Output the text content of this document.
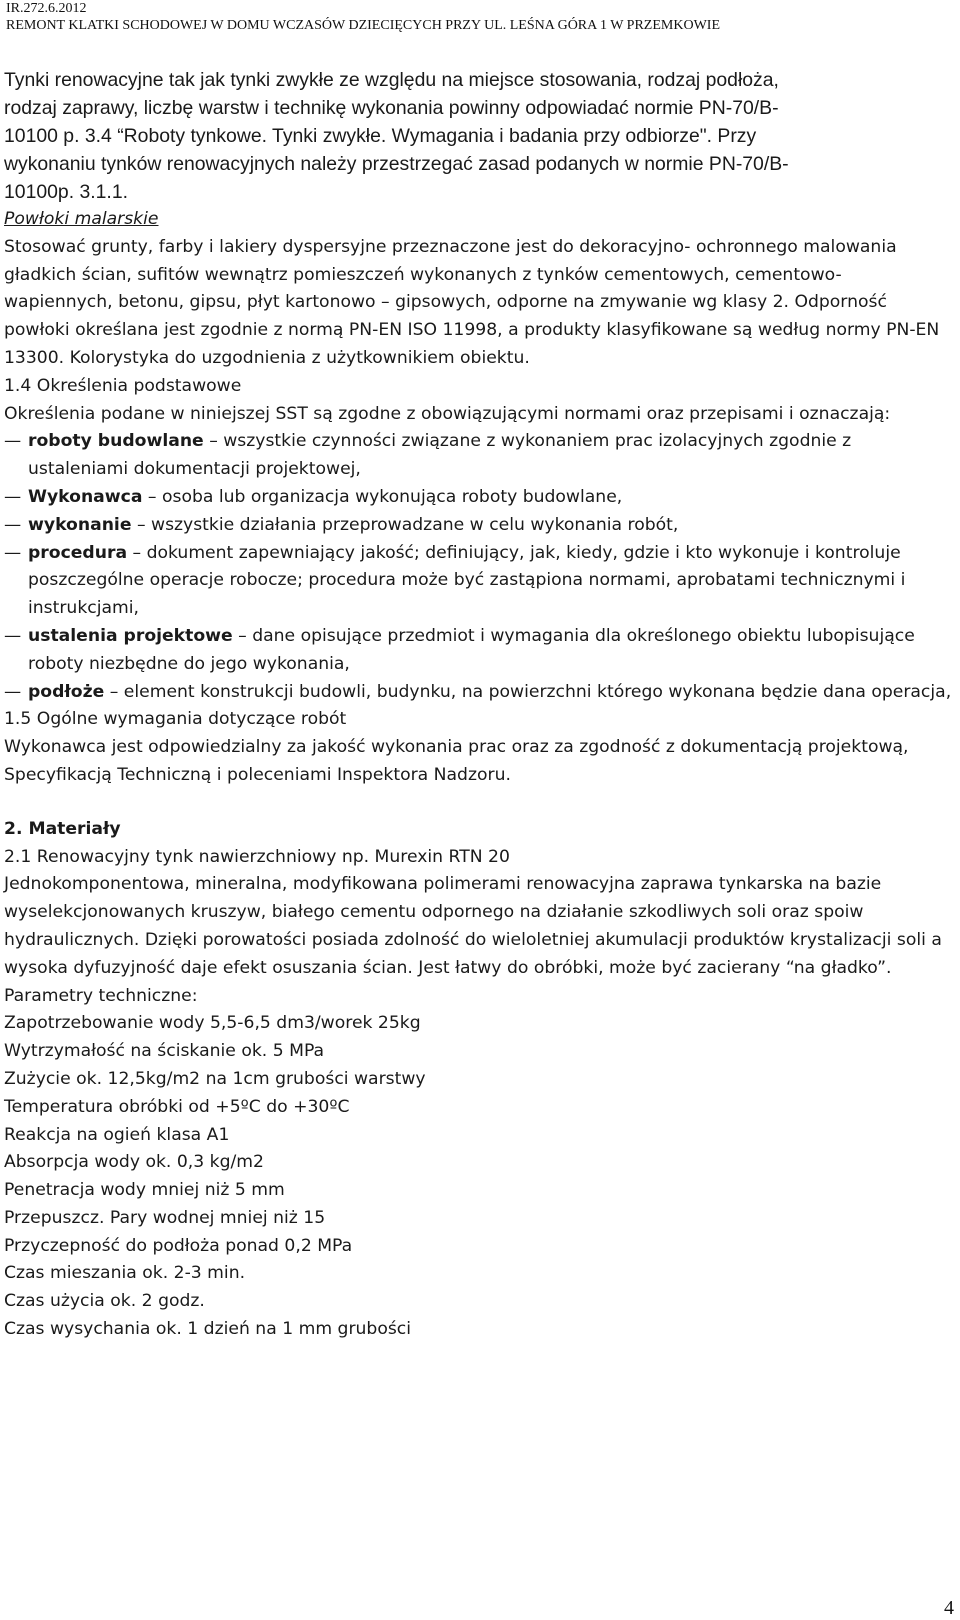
IR.272.6.2012
REMONT KLATKI SCHODOWEJ W DOMU WCZASÓW DZIECIĘCYCH PRZY UL. LEŚNA GÓRA 1 W PRZEMKOWIE

Tynki renowacyjne tak jak tynki zwykłe ze względu na miejsce stosowania, rodzaj podłoża,

rodzaj zaprawy, liczbę warstw i technikę wykonania powinny odpowiadać normie PN-70/B-

10100 p. 3.4 “Roboty tynkowe. Tynki zwykłe. Wymagania i badania przy odbiorze". Przy

wykonaniu tynków renowacyjnych należy przestrzegać zasad podanych w normie PN-70/B-

10100p. 3.1.1.

Powłoki malarskie

Stosować grunty, farby i lakiery dyspersyjne przeznaczone jest do dekoracyjno- ochronnego malowania gładkich ścian, sufitów wewnątrz pomieszczeń wykonanych z tynków cementowych, cementowo- wapiennych, betonu, gipsu, płyt kartonowo – gipsowych, odporne na zmywanie wg klasy 2. Odporność powłoki określana jest zgodnie z normą PN-EN ISO 11998, a produkty klasyfikowane są według normy PN-EN 13300. Kolorystyka do uzgodnienia z użytkownikiem obiektu.

1.4 Określenia podstawowe

Określenia podane w niniejszej SST są zgodne z obowiązującymi normami oraz przepisami i oznaczają:

— roboty budowlane – wszystkie czynności związane z wykonaniem prac izolacyjnych zgodnie z ustaleniami dokumentacji projektowej,

— Wykonawca – osoba lub organizacja wykonująca roboty budowlane,

— wykonanie – wszystkie działania przeprowadzane w celu wykonania robót,

— procedura – dokument zapewniający jakość; definiujący, jak, kiedy, gdzie i kto wykonuje i kontroluje poszczególne operacje robocze; procedura może być zastąpiona normami, aprobatami technicznymi i instrukcjami,

— ustalenia projektowe – dane opisujące przedmiot i wymagania dla określonego obiektu lubopisujące roboty niezbędne do jego wykonania,

— podłoże – element konstrukcji budowli, budynku, na powierzchni którego wykonana będzie dana operacja,

1.5 Ogólne wymagania dotyczące robót

Wykonawca jest odpowiedzialny za jakość wykonania prac oraz za zgodność z dokumentacją projektową, Specyfikacją Techniczną i poleceniami Inspektora Nadzoru.

2. Materiały

2.1 Renowacyjny tynk nawierzchniowy np. Murexin RTN 20

Jednokomponentowa, mineralna, modyfikowana polimerami renowacyjna zaprawa tynkarska na bazie wyselekcjonowanych kruszyw, białego cementu odpornego na działanie szkodliwych soli oraz spoiw hydraulicznych. Dzięki porowatości posiada zdolność do wieloletniej akumulacji produktów krystalizacji soli a wysoka dyfuzyjność daje efekt osuszania ścian. Jest łatwy do obróbki, może być zacierany “na gładko”.

Parametry techniczne:

Zapotrzebowanie wody 5,5-6,5 dm3/worek 25kg

Wytrzymałość na ściskanie ok. 5 MPa

Zużycie ok. 12,5kg/m2 na 1cm grubości warstwy

Temperatura obróbki od +5ºC do +30ºC

Reakcja na ogień klasa A1

Absorpcja wody ok. 0,3 kg/m2

Penetracja wody mniej niż 5 mm

Przepuszcz. Pary wodnej mniej niż 15

Przyczepność do podłoża ponad 0,2 MPa

Czas mieszania ok. 2-3 min.

Czas użycia ok. 2 godz.

Czas wysychania ok. 1 dzień na 1 mm grubości

4
